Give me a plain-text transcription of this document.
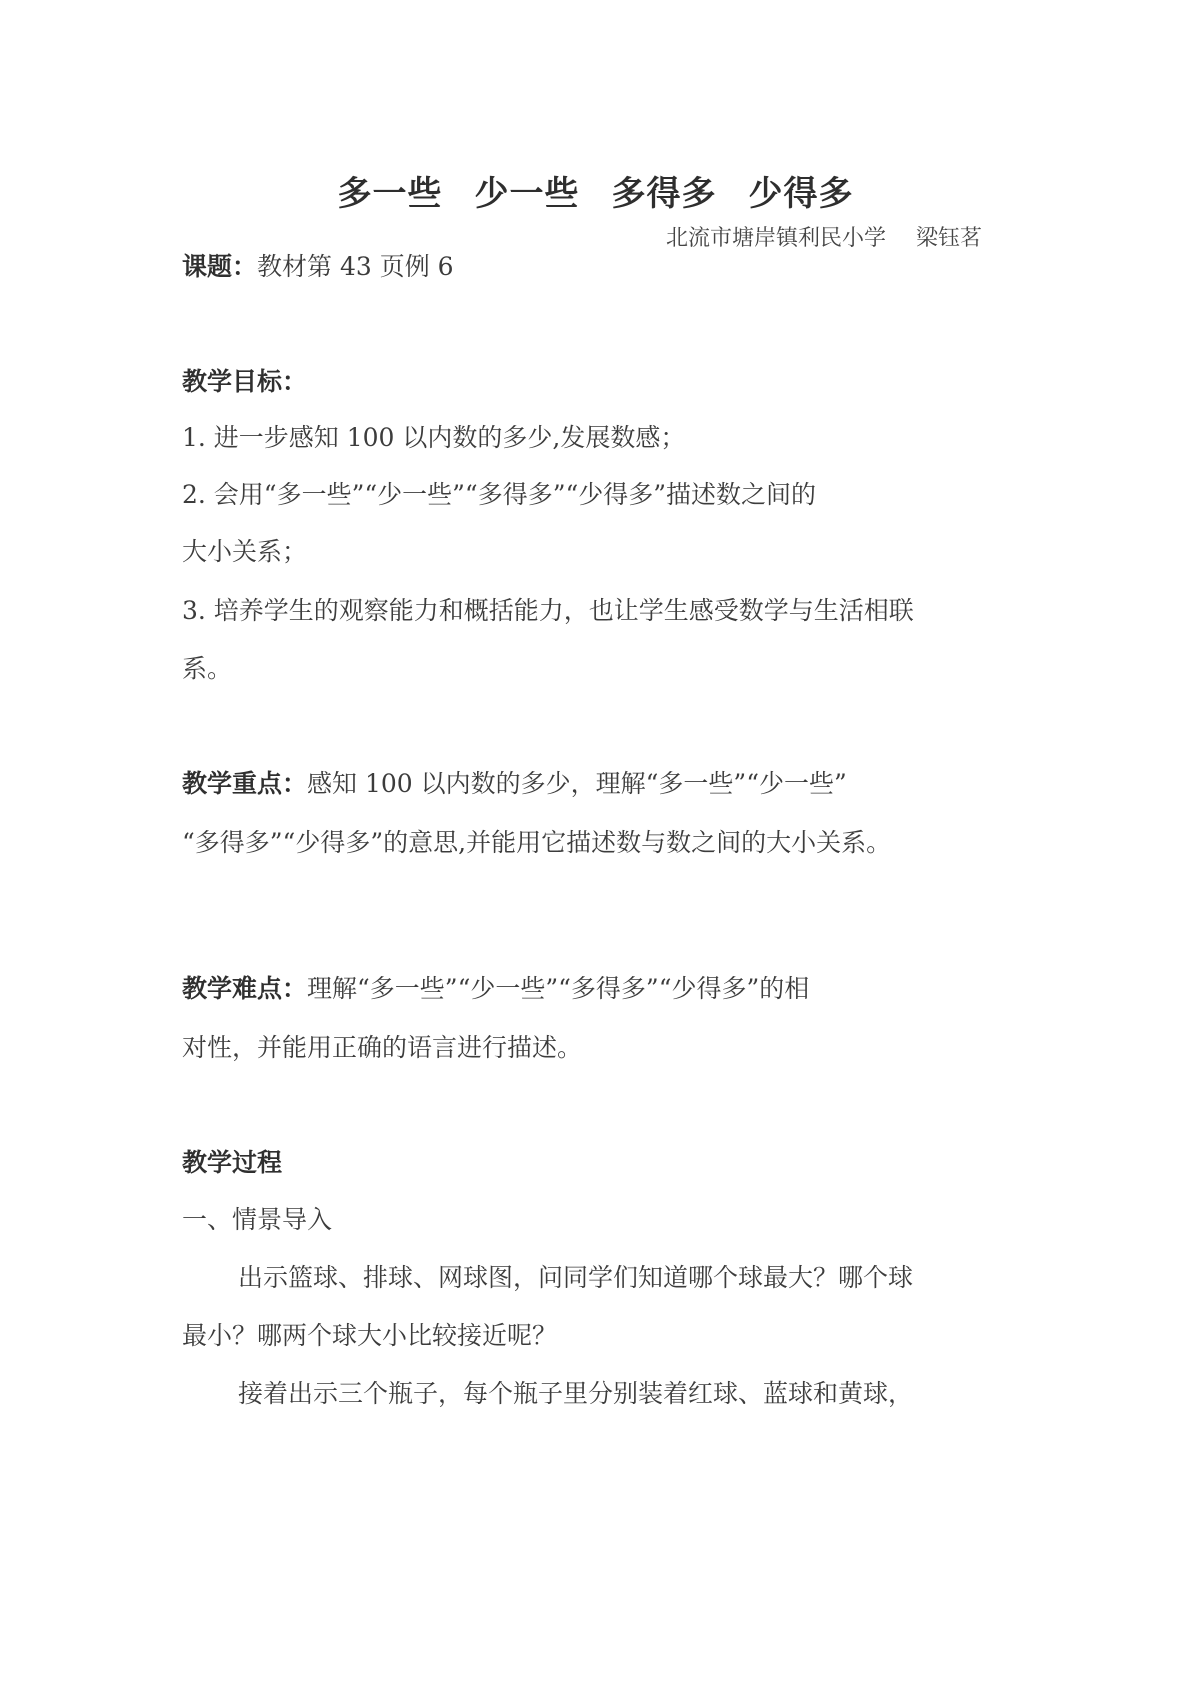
多一些 少一些 多得多 少得多
北流市塘岸镇利民小学 梁钰茗
课题：教材第 43 页例 6
教学目标：
1. 进一步感知 100 以内数的多少,发展数感；
2. 会用“多一些”“少一些”“多得多”“少得多”描述数之间的
大小关系；
3. 培养学生的观察能力和概括能力，也让学生感受数学与生活相联
系。
教学重点：感知 100 以内数的多少，理解“多一些”“少一些”
“多得多”“少得多”的意思,并能用它描述数与数之间的大小关系。
教学难点：理解“多一些”“少一些”“多得多”“少得多”的相
对性，并能用正确的语言进行描述。
教学过程
一、情景导入
出示篮球、排球、网球图，问同学们知道哪个球最大？哪个球
最小？哪两个球大小比较接近呢？
接着出示三个瓶子，每个瓶子里分别装着红球、蓝球和黄球，
